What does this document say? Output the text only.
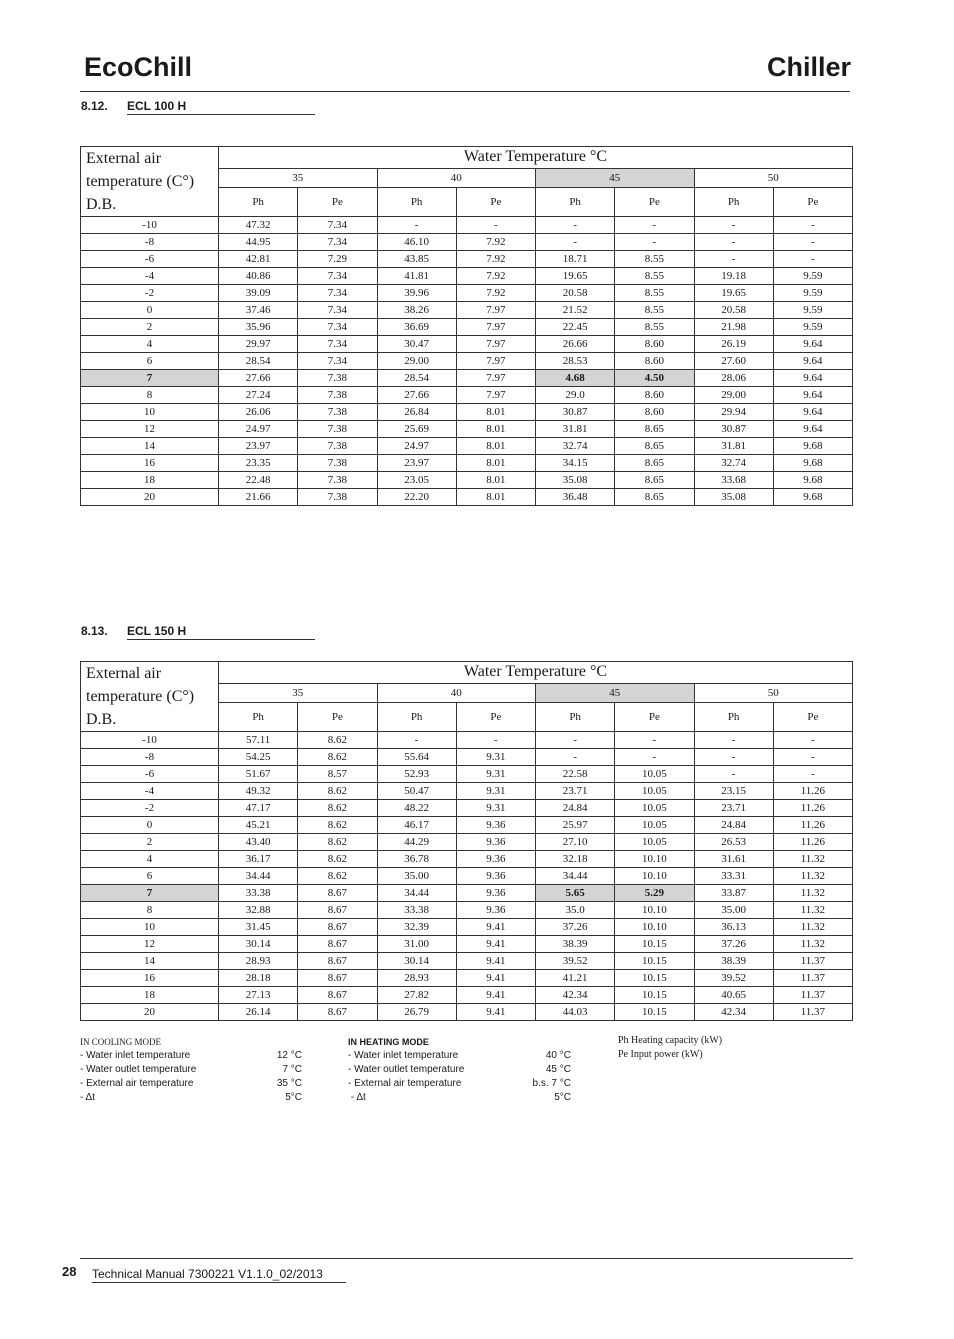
EcoChill	Chiller
8.12. ECL 100 H
External air temperature (C°) D.B.	Water Temperature °C							
	35		40		45		50	
	Ph	Pe	Ph	Pe	Ph	Pe	Ph	Pe
-10	47.32	7.34	-	-	-	-	-	-
-8	44.95	7.34	46.10	7.92	-	-	-	-
-6	42.81	7.29	43.85	7.92	18.71	8.55	-	-
-4	40.86	7.34	41.81	7.92	19.65	8.55	19.18	9.59
-2	39.09	7.34	39.96	7.92	20.58	8.55	19.65	9.59
0	37.46	7.34	38.26	7.97	21.52	8.55	20.58	9.59
2	35.96	7.34	36.69	7.97	22.45	8.55	21.98	9.59
4	29.97	7.34	30.47	7.97	26.66	8.60	26.19	9.64
6	28.54	7.34	29.00	7.97	28.53	8.60	27.60	9.64
7	27.66	7.38	28.54	7.97	4.68	4.50	28.06	9.64
8	27.24	7.38	27.66	7.97	29.0	8.60	29.00	9.64
10	26.06	7.38	26.84	8.01	30.87	8.60	29.94	9.64
12	24.97	7.38	25.69	8.01	31.81	8.65	30.87	9.64
14	23.97	7.38	24.97	8.01	32.74	8.65	31.81	9.68
16	23.35	7.38	23.97	8.01	34.15	8.65	32.74	9.68
18	22.48	7.38	23.05	8.01	35.08	8.65	33.68	9.68
20	21.66	7.38	22.20	8.01	36.48	8.65	35.08	9.68
8.13. ECL 150 H
External air temperature (C°) D.B.	Water Temperature °C							
	35		40		45		50	
	Ph	Pe	Ph	Pe	Ph	Pe	Ph	Pe
-10	57.11	8.62	-	-	-	-	-	-
-8	54.25	8.62	55.64	9.31	-	-	-	-
-6	51.67	8.57	52.93	9.31	22.58	10.05	-	-
-4	49.32	8.62	50.47	9.31	23.71	10.05	23.15	11.26
-2	47.17	8.62	48.22	9.31	24.84	10.05	23.71	11.26
0	45.21	8.62	46.17	9.36	25.97	10.05	24.84	11.26
2	43.40	8.62	44.29	9.36	27.10	10.05	26.53	11.26
4	36.17	8.62	36.78	9.36	32.18	10.10	31.61	11.32
6	34.44	8.62	35.00	9.36	34.44	10.10	33.31	11.32
7	33.38	8.67	34.44	9.36	5.65	5.29	33.87	11.32
8	32.88	8.67	33.38	9.36	35.0	10.10	35.00	11.32
10	31.45	8.67	32.39	9.41	37.26	10.10	36.13	11.32
12	30.14	8.67	31.00	9.41	38.39	10.15	37.26	11.32
14	28.93	8.67	30.14	9.41	39.52	10.15	38.39	11.37
16	28.18	8.67	28.93	9.41	41.21	10.15	39.52	11.37
18	27.13	8.67	27.82	9.41	42.34	10.15	40.65	11.37
20	26.14	8.67	26.79	9.41	44.03	10.15	42.34	11.37
IN COOLING MODE
- Water inlet temperature	12 °C
- Water outlet temperature	7 °C
- External air temperature	35 °C
- Δt	5°C
IN HEATING MODE
- Water inlet temperature	40 °C
- Water outlet temperature	45 °C
- External air temperature	b.s. 7 °C
- Δt	5°C
Ph Heating capacity (kW)
Pe Input power (kW)
28 Technical Manual 7300221 V1.1.0_02/2013
